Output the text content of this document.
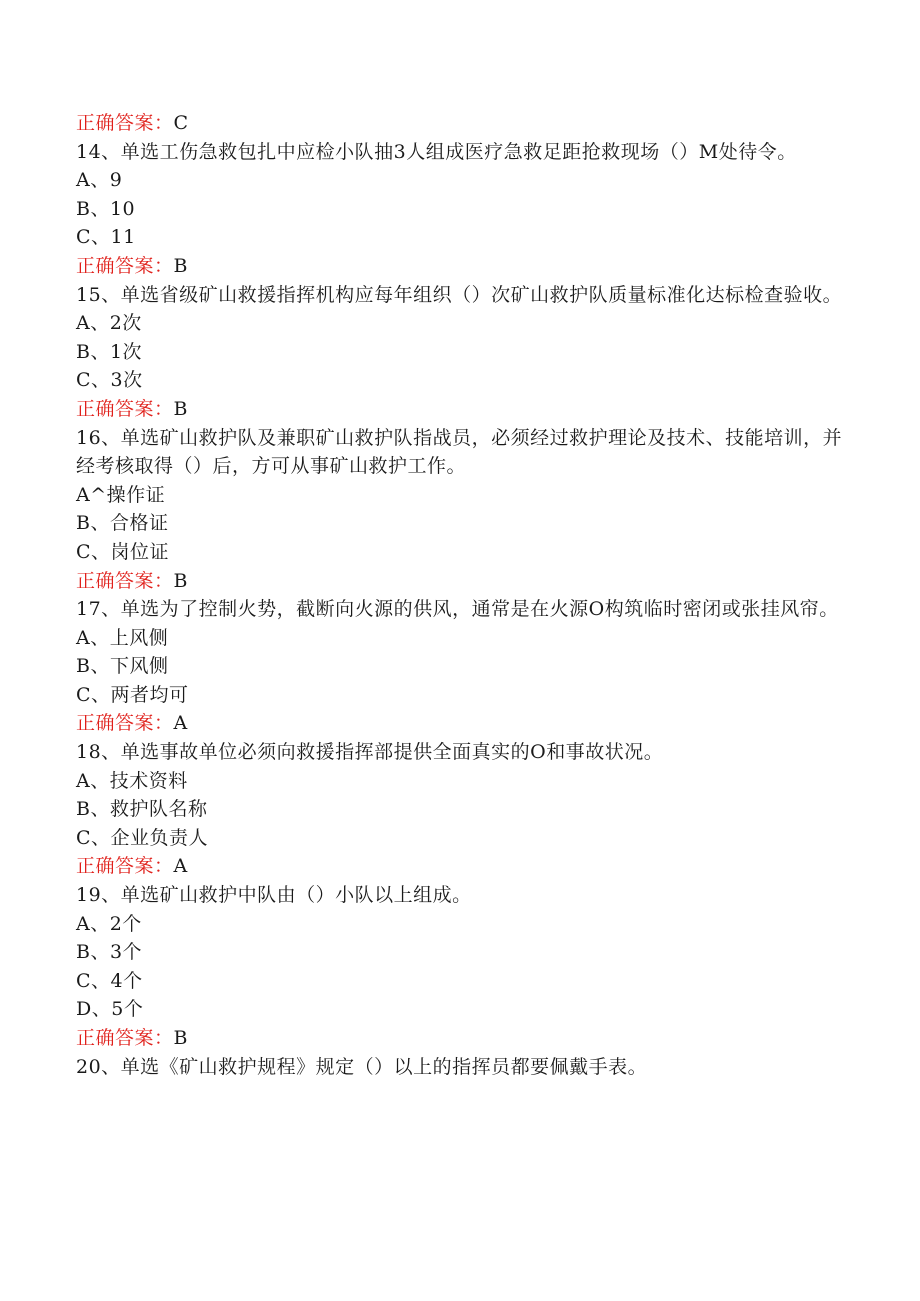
正确答案：C
14、单选工伤急救包扎中应检小队抽3人组成医疗急救足距抢救现场（）M处待令。
A、9
B、10
C、11
正确答案：B
15、单选省级矿山救援指挥机构应每年组织（）次矿山救护队质量标准化达标检查验收。
A、2次
B、1次
C、3次
正确答案：B
16、单选矿山救护队及兼职矿山救护队指战员，必须经过救护理论及技术、技能培训，并经考核取得（）后，方可从事矿山救护工作。
A^操作证
B、合格证
C、岗位证
正确答案：B
17、单选为了控制火势，截断向火源的供风，通常是在火源O构筑临时密闭或张挂风帘。
A、上风侧
B、下风侧
C、两者均可
正确答案：A
18、单选事故单位必须向救援指挥部提供全面真实的O和事故状况。
A、技术资料
B、救护队名称
C、企业负责人
正确答案：A
19、单选矿山救护中队由（）小队以上组成。
A、2个
B、3个
C、4个
D、5个
正确答案：B
20、单选《矿山救护规程》规定（）以上的指挥员都要佩戴手表。
